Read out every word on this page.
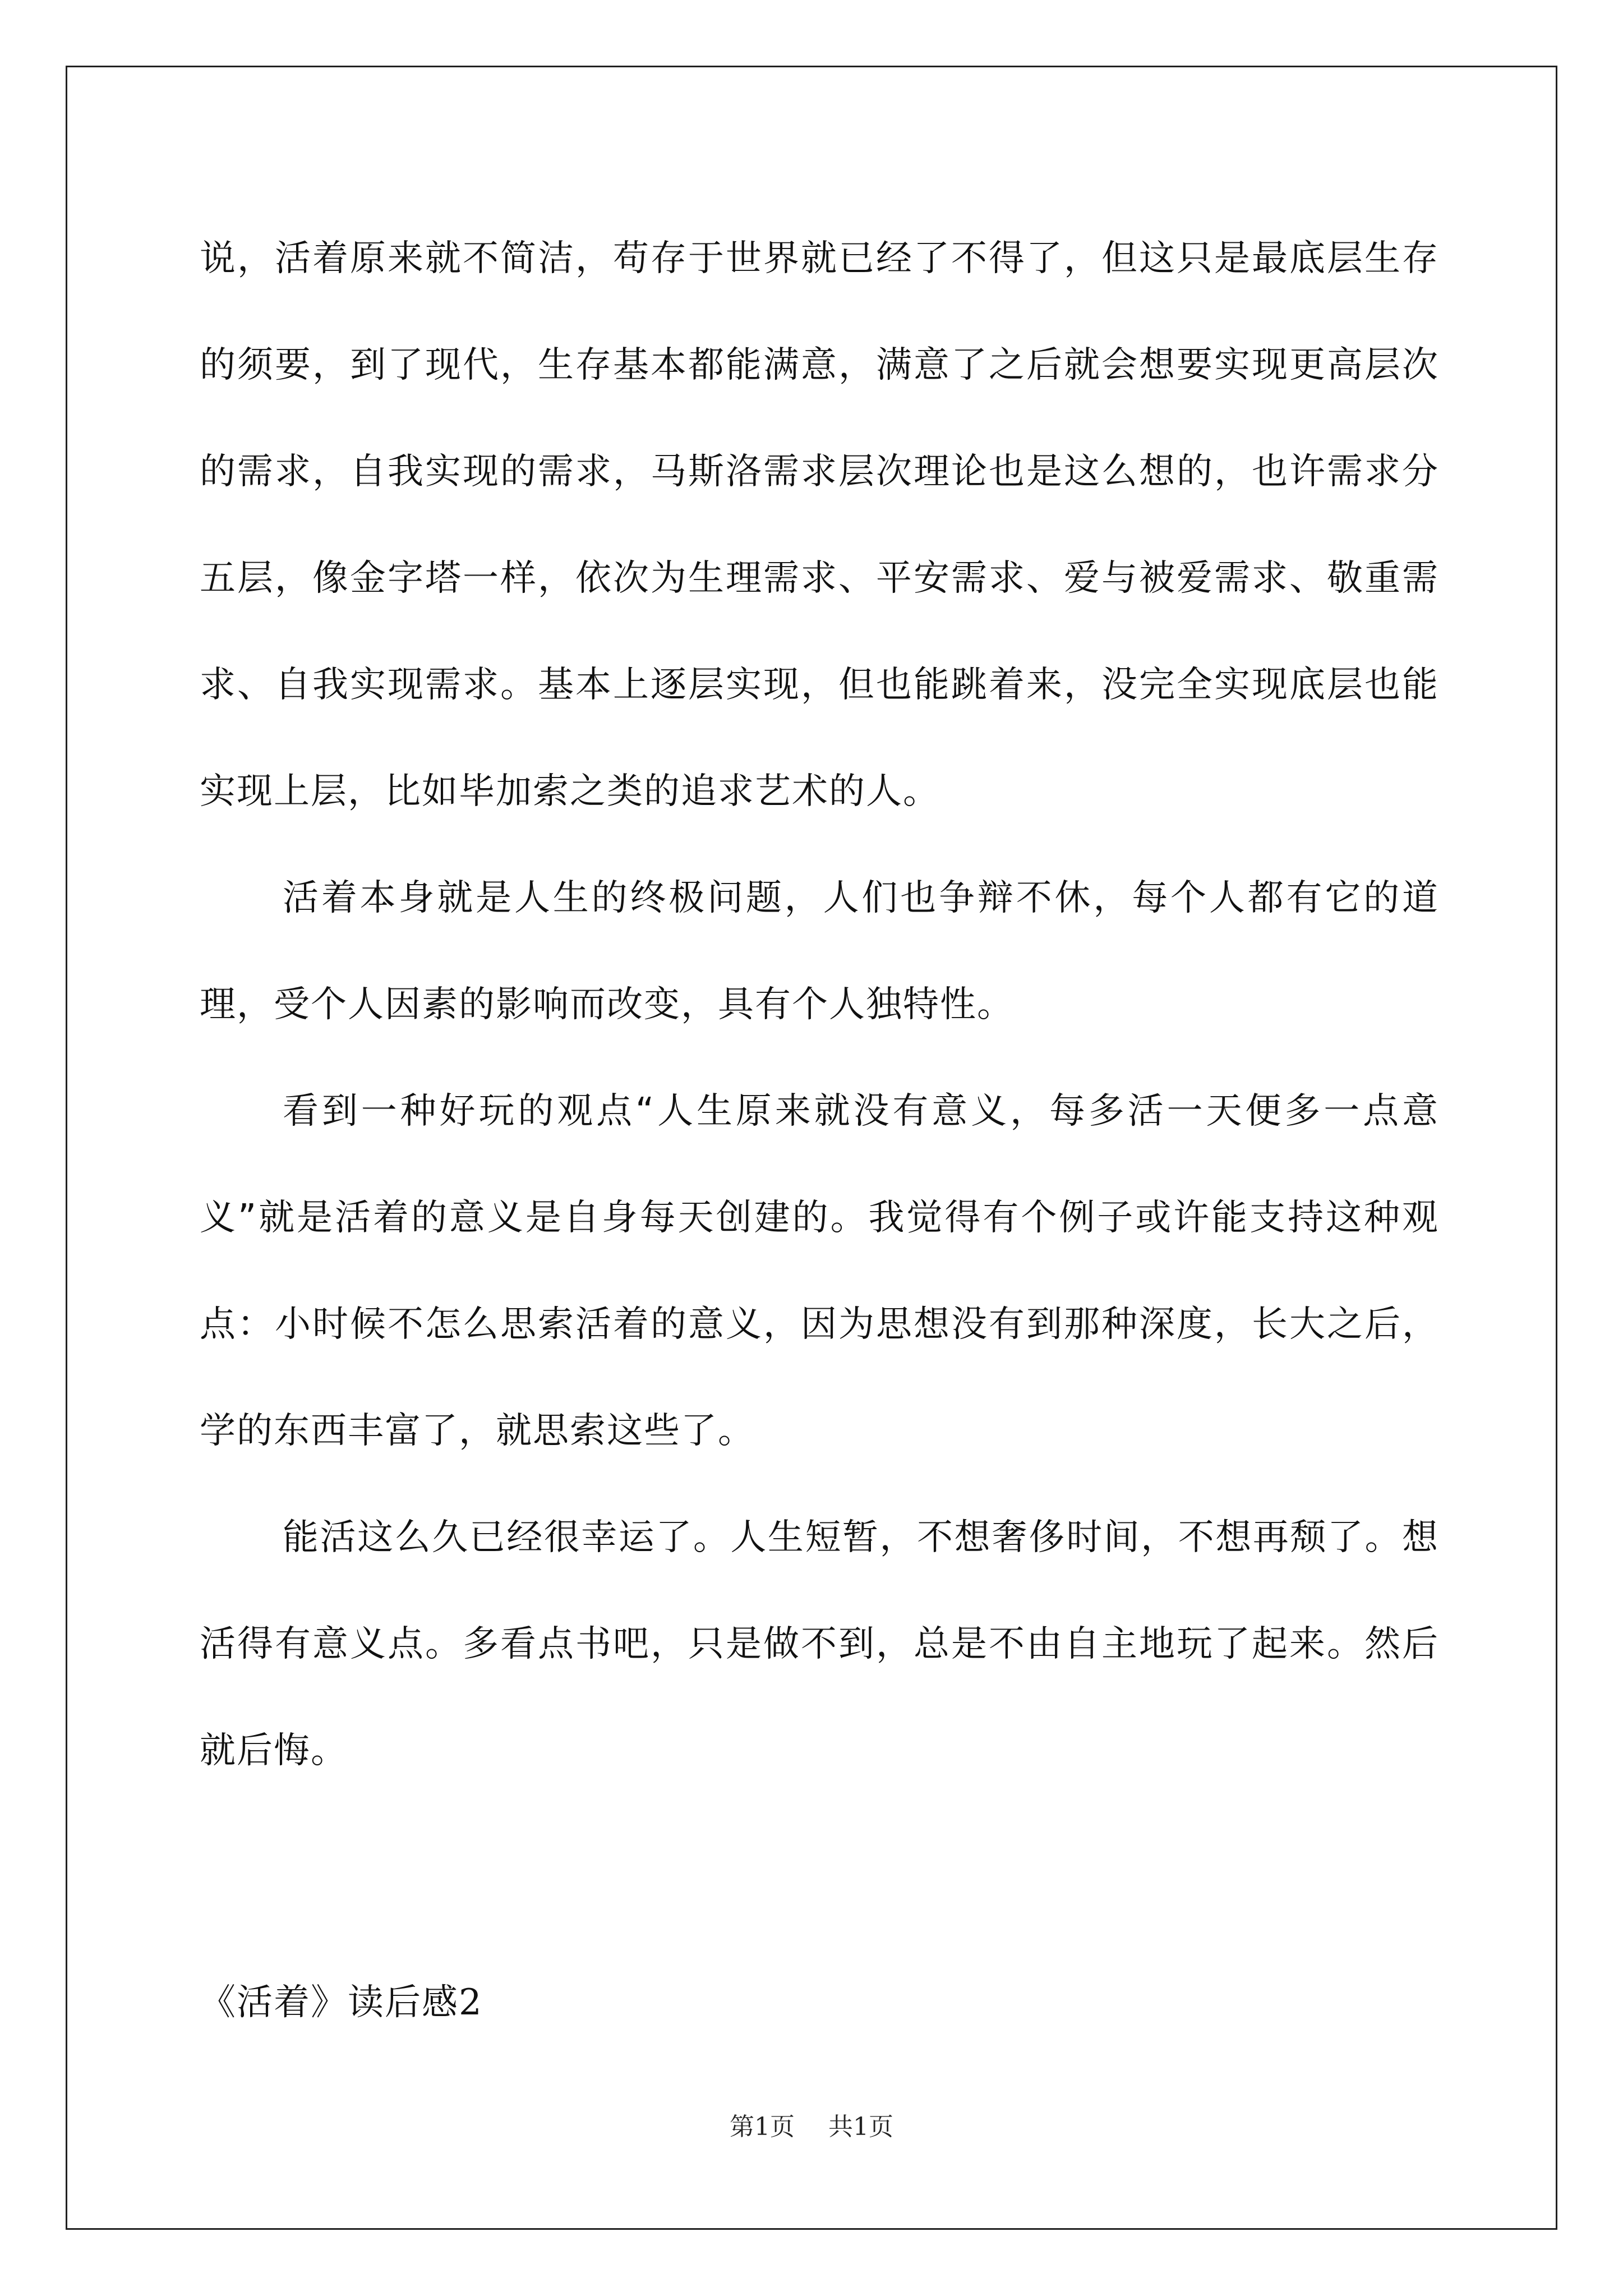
说，活着原来就不简洁，苟存于世界就已经了不得了，但这只是最底层生存的须要，到了现代，生存基本都能满意，满意了之后就会想要实现更高层次的需求，自我实现的需求，马斯洛需求层次理论也是这么想的，也许需求分五层，像金字塔一样，依次为生理需求、平安需求、爱与被爱需求、敬重需求、自我实现需求。基本上逐层实现，但也能跳着来，没完全实现底层也能实现上层，比如毕加索之类的追求艺术的人。

活着本身就是人生的终极问题，人们也争辩不休，每个人都有它的道理，受个人因素的影响而改变，具有个人独特性。

看到一种好玩的观点“人生原来就没有意义，每多活一天便多一点意义”就是活着的意义是自身每天创建的。我觉得有个例子或许能支持这种观点：小时候不怎么思索活着的意义，因为思想没有到那种深度，长大之后，学的东西丰富了，就思索这些了。

能活这么久已经很幸运了。人生短暂，不想奢侈时间，不想再颓了。想活得有意义点。多看点书吧，只是做不到，总是不由自主地玩了起来。然后就后悔。

《活着》读后感2
第1页 共1页
